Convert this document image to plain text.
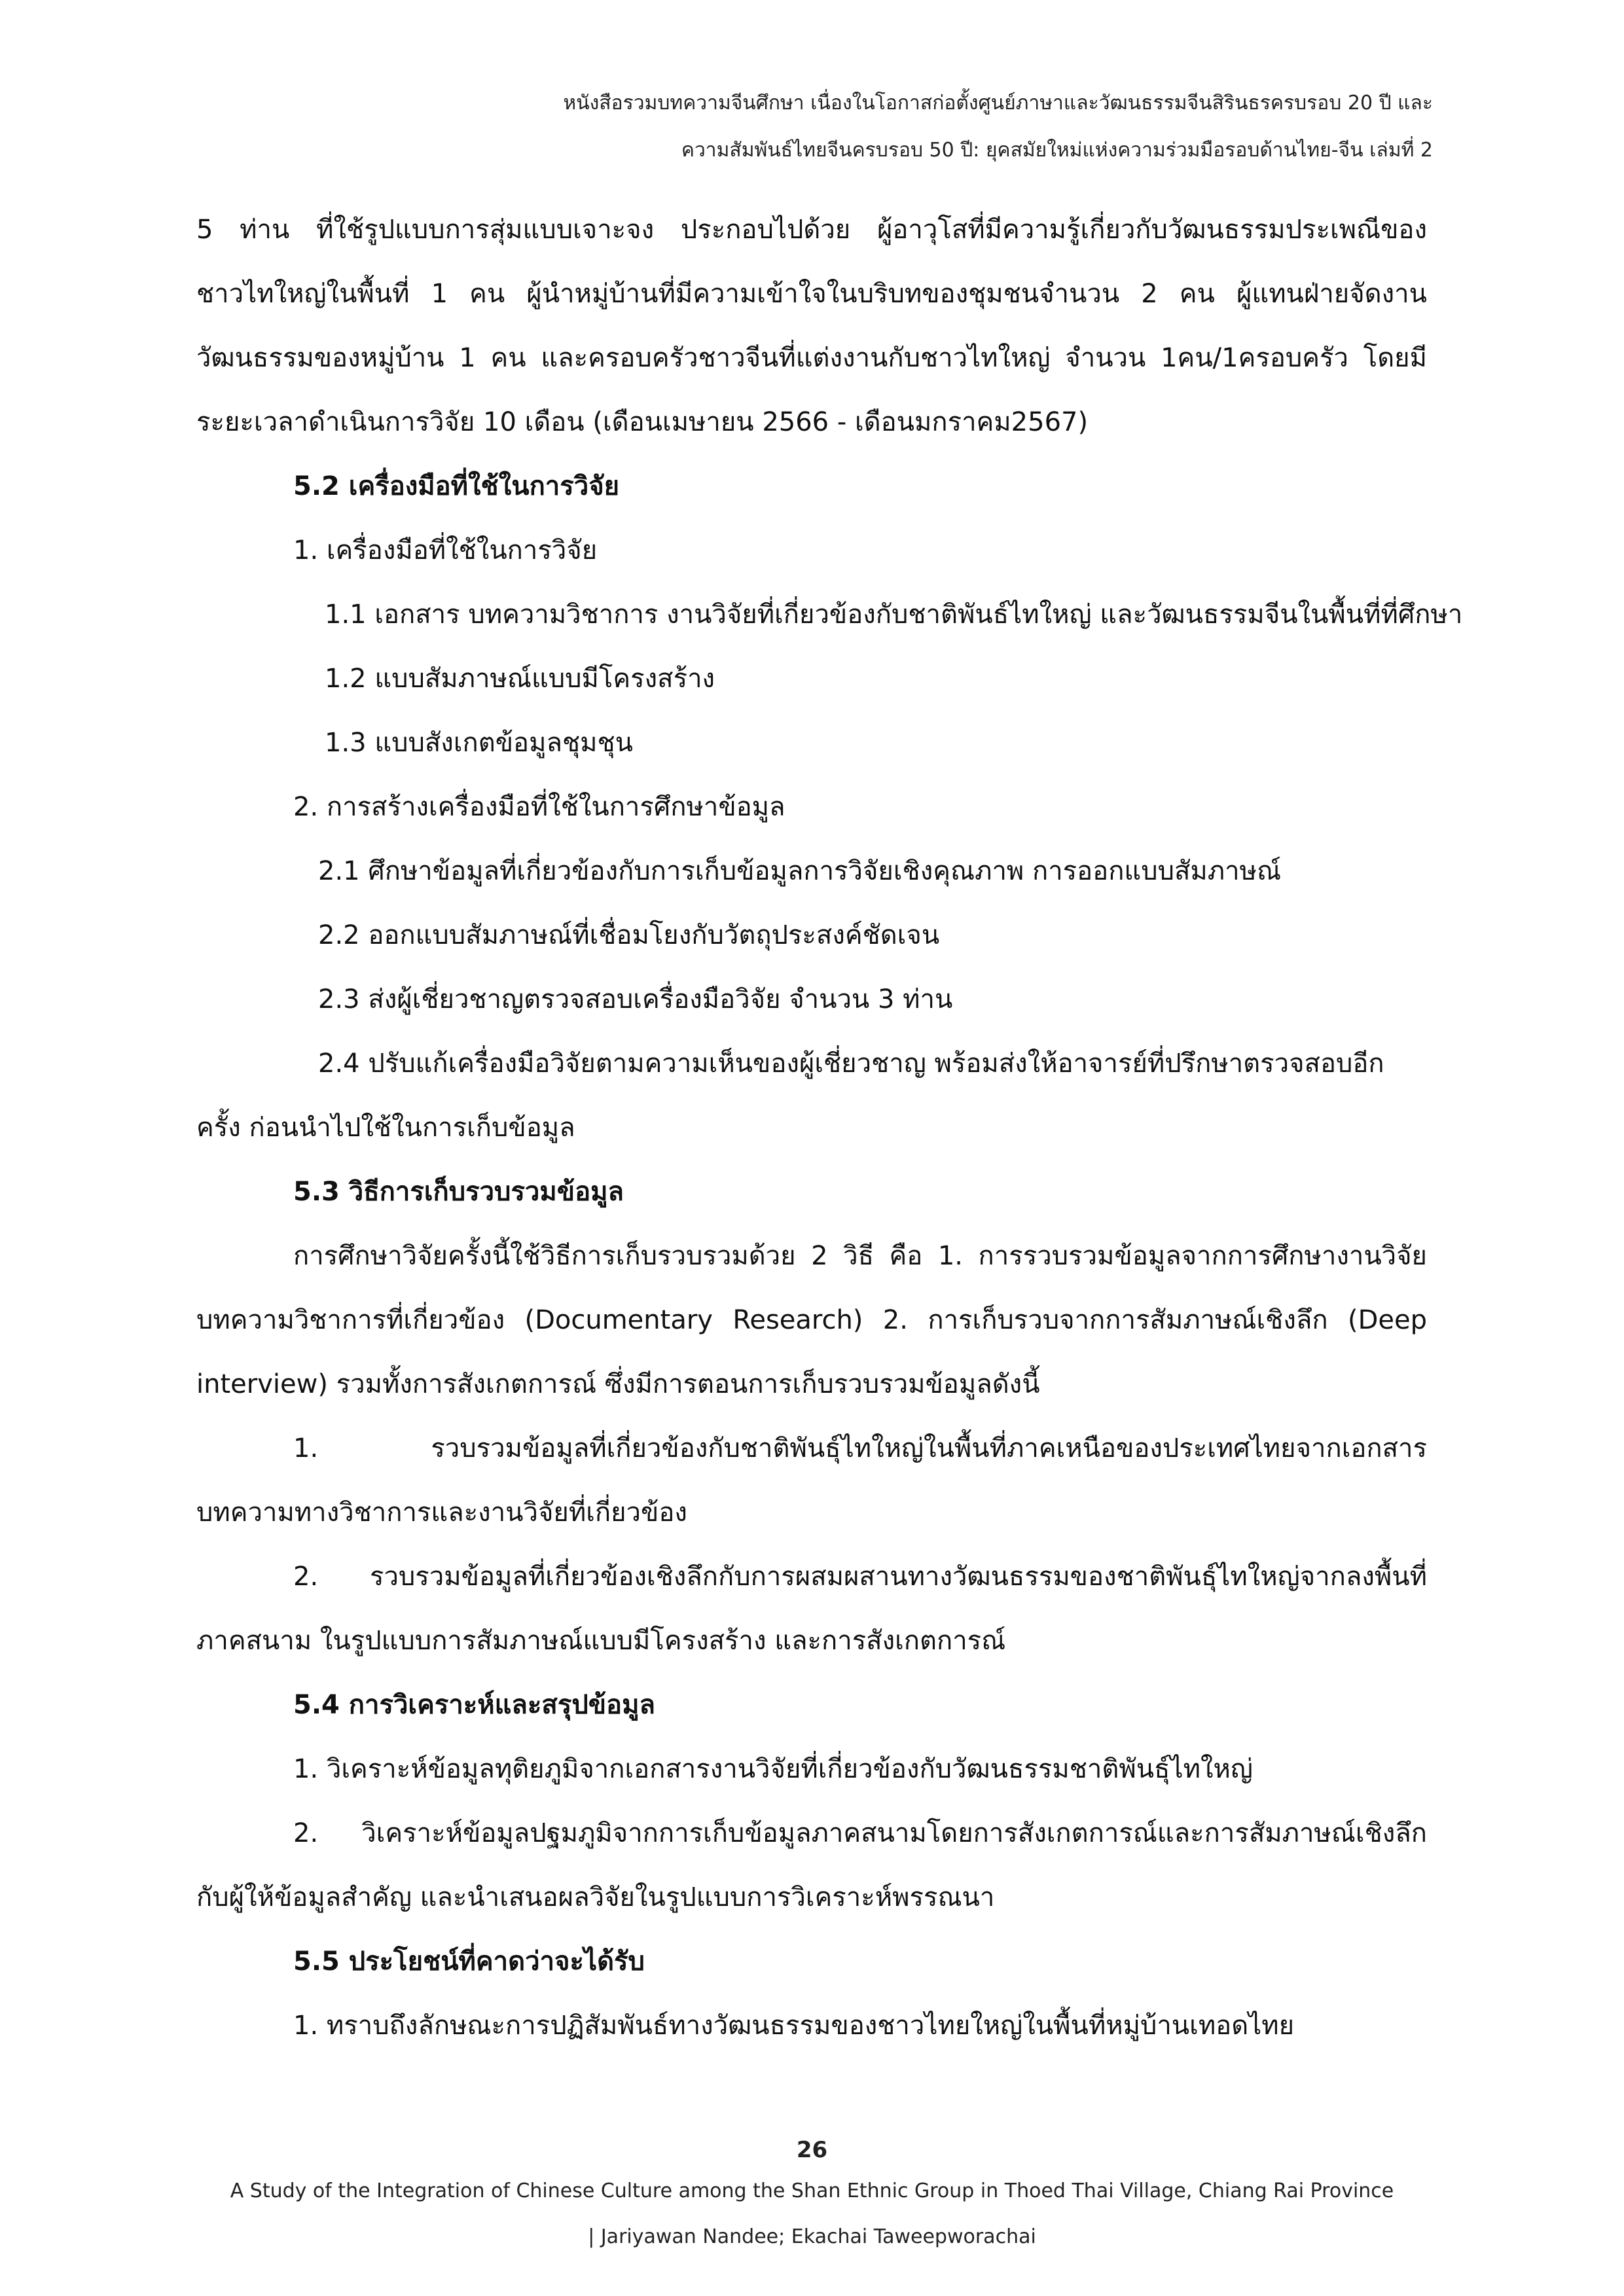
หนังสือรวมบทความจีนศึกษา เนื่องในโอกาสก่อตั้งศูนย์ภาษาและวัฒนธรรมจีนสิรินธรครบรอบ 20 ปี และ
ความสัมพันธ์ไทยจีนครบรอบ 50 ปี: ยุคสมัยใหม่แห่งความร่วมมือรอบด้านไทย-จีน เล่มที่ 2
5 ท่าน ที่ใช้รูปแบบการสุ่มแบบเจาะจง ประกอบไปด้วย ผู้อาวุโสที่มีความรู้เกี่ยวกับวัฒนธรรมประเพณีของ
ชาวไทใหญ่ในพื้นที่ 1 คน ผู้นำหมู่บ้านที่มีความเข้าใจในบริบทของชุมชนจำนวน 2 คน ผู้แทนฝ่ายจัดงาน
วัฒนธรรมของหมู่บ้าน 1 คน และครอบครัวชาวจีนที่แต่งงานกับชาวไทใหญ่ จำนวน 1คน/1ครอบครัว โดยมี
ระยะเวลาดำเนินการวิจัย 10 เดือน (เดือนเมษายน 2566 - เดือนมกราคม2567)
5.2 เครื่องมือที่ใช้ในการวิจัย
1. เครื่องมือที่ใช้ในการวิจัย
1.1 เอกสาร บทความวิชาการ งานวิจัยที่เกี่ยวข้องกับชาติพันธ์ไทใหญ่ และวัฒนธรรมจีนในพื้นที่ที่ศึกษา
1.2 แบบสัมภาษณ์แบบมีโครงสร้าง
1.3 แบบสังเกตข้อมูลชุมชุน
2. การสร้างเครื่องมือที่ใช้ในการศึกษาข้อมูล
2.1 ศึกษาข้อมูลที่เกี่ยวข้องกับการเก็บข้อมูลการวิจัยเชิงคุณภาพ การออกแบบสัมภาษณ์
2.2 ออกแบบสัมภาษณ์ที่เชื่อมโยงกับวัตถุประสงค์ชัดเจน
2.3 ส่งผู้เชี่ยวชาญตรวจสอบเครื่องมือวิจัย จำนวน 3 ท่าน
2.4 ปรับแก้เครื่องมือวิจัยตามความเห็นของผู้เชี่ยวชาญ พร้อมส่งให้อาจารย์ที่ปรึกษาตรวจสอบอีก
ครั้ง ก่อนนำไปใช้ในการเก็บข้อมูล
5.3 วิธีการเก็บรวบรวมข้อมูล
การศึกษาวิจัยครั้งนี้ใช้วิธีการเก็บรวบรวมด้วย 2 วิธี คือ 1. การรวบรวมข้อมูลจากการศึกษางานวิจัย
บทความวิชาการที่เกี่ยวข้อง (Documentary Research) 2. การเก็บรวบจากการสัมภาษณ์เชิงลึก (Deep
interview) รวมทั้งการสังเกตการณ์ ซึ่งมีการตอนการเก็บรวบรวมข้อมูลดังนี้
1. รวบรวมข้อมูลที่เกี่ยวข้องกับชาติพันธุ์ไทใหญ่ในพื้นที่ภาคเหนือของประเทศไทยจากเอกสาร
บทความทางวิชาการและงานวิจัยที่เกี่ยวข้อง
2. รวบรวมข้อมูลที่เกี่ยวข้องเชิงลึกกับการผสมผสานทางวัฒนธรรมของชาติพันธุ์ไทใหญ่จากลงพื้นที่
ภาคสนาม ในรูปแบบการสัมภาษณ์แบบมีโครงสร้าง และการสังเกตการณ์
5.4 การวิเคราะห์และสรุปข้อมูล
1. วิเคราะห์ข้อมูลทุติยภูมิจากเอกสารงานวิจัยที่เกี่ยวข้องกับวัฒนธรรมชาติพันธุ์ไทใหญ่
2. วิเคราะห์ข้อมูลปฐมภูมิจากการเก็บข้อมูลภาคสนามโดยการสังเกตการณ์และการสัมภาษณ์เชิงลึก
กับผู้ให้ข้อมูลสำคัญ และนำเสนอผลวิจัยในรูปแบบการวิเคราะห์พรรณนา
5.5 ประโยชน์ที่คาดว่าจะได้รับ
1. ทราบถึงลักษณะการปฏิสัมพันธ์ทางวัฒนธรรมของชาวไทยใหญ่ในพื้นที่หมู่บ้านเทอดไทย
26
A Study of the Integration of Chinese Culture among the Shan Ethnic Group in Thoed Thai Village, Chiang Rai Province
| Jariyawan Nandee; Ekachai Taweepworachai
